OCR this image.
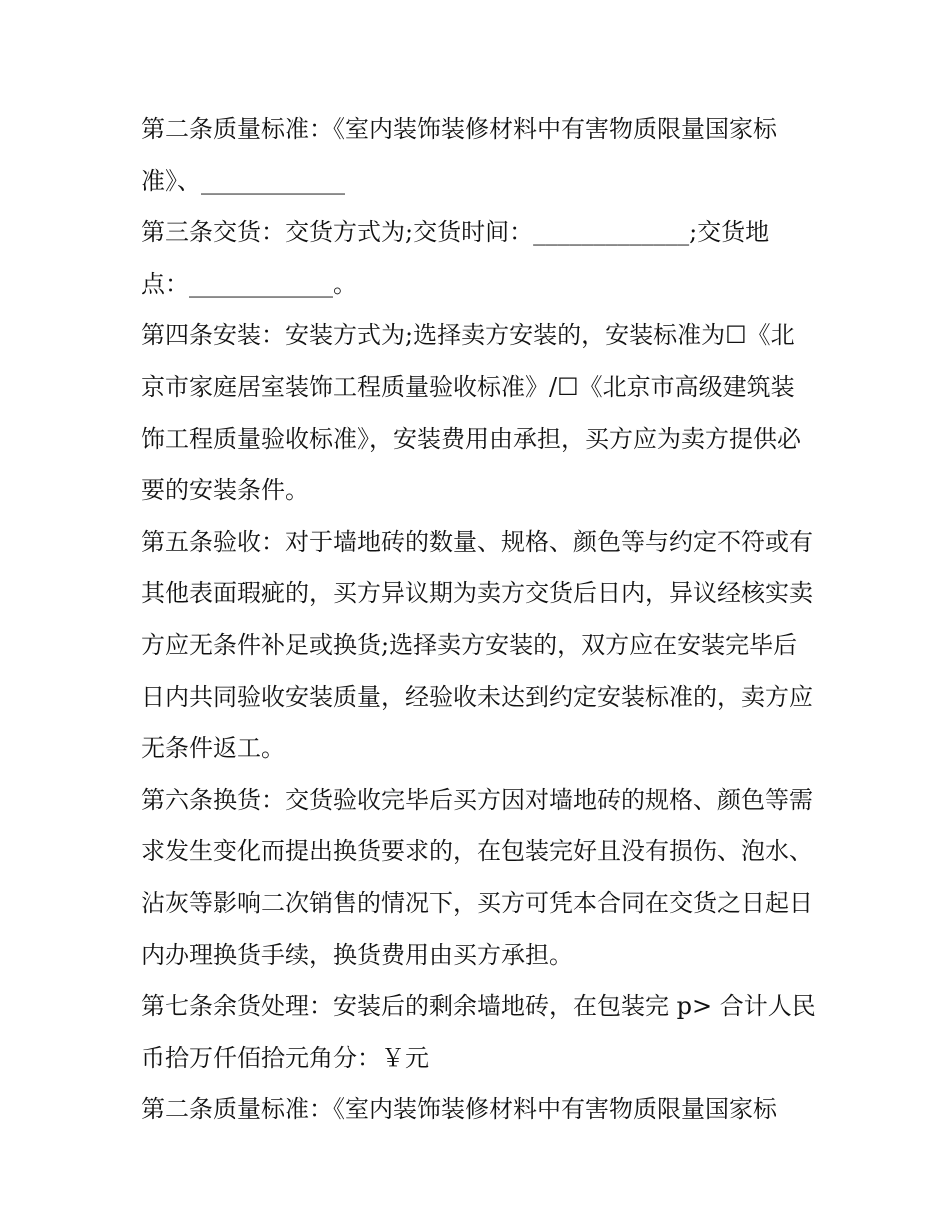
第二条质量标准：《室内装饰装修材料中有害物质限量国家标准》、____________

第三条交货：交货方式为;交货时间：_____________;交货地点：____________。

第四条安装：安装方式为;选择卖方安装的，安装标准为☐《北京市家庭居室装饰工程质量验收标准》/☐《北京市高级建筑装饰工程质量验收标准》，安装费用由承担，买方应为卖方提供必要的安装条件。

第五条验收：对于墙地砖的数量、规格、颜色等与约定不符或有其他表面瑕疵的，买方异议期为卖方交货后日内，异议经核实卖方应无条件补足或换货;选择卖方安装的，双方应在安装完毕后日内共同验收安装质量，经验收未达到约定安装标准的，卖方应无条件返工。

第六条换货：交货验收完毕后买方因对墙地砖的规格、颜色等需求发生变化而提出换货要求的，在包装完好且没有损伤、泡水、沾灰等影响二次销售的情况下，买方可凭本合同在交货之日起日内办理换货手续，换货费用由买方承担。

第七条余货处理：安装后的剩余墙地砖，在包装完 p> 合计人民币拾万仟佰拾元角分：￥元

第二条质量标准：《室内装饰装修材料中有害物质限量国家标
